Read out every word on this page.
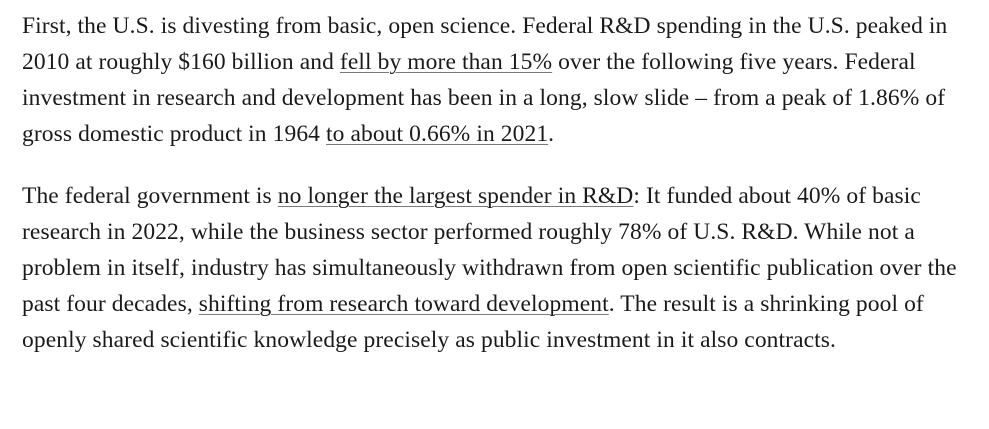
First, the U.S. is divesting from basic, open science. Federal R&D spending in the U.S. peaked in 2010 at roughly $160 billion and fell by more than 15% over the following five years. Federal investment in research and development has been in a long, slow slide – from a peak of 1.86% of gross domestic product in 1964 to about 0.66% in 2021.

The federal government is no longer the largest spender in R&D: It funded about 40% of basic research in 2022, while the business sector performed roughly 78% of U.S. R&D. While not a problem in itself, industry has simultaneously withdrawn from open scientific publication over the past four decades, shifting from research toward development. The result is a shrinking pool of openly shared scientific knowledge precisely as public investment in it also contracts.
